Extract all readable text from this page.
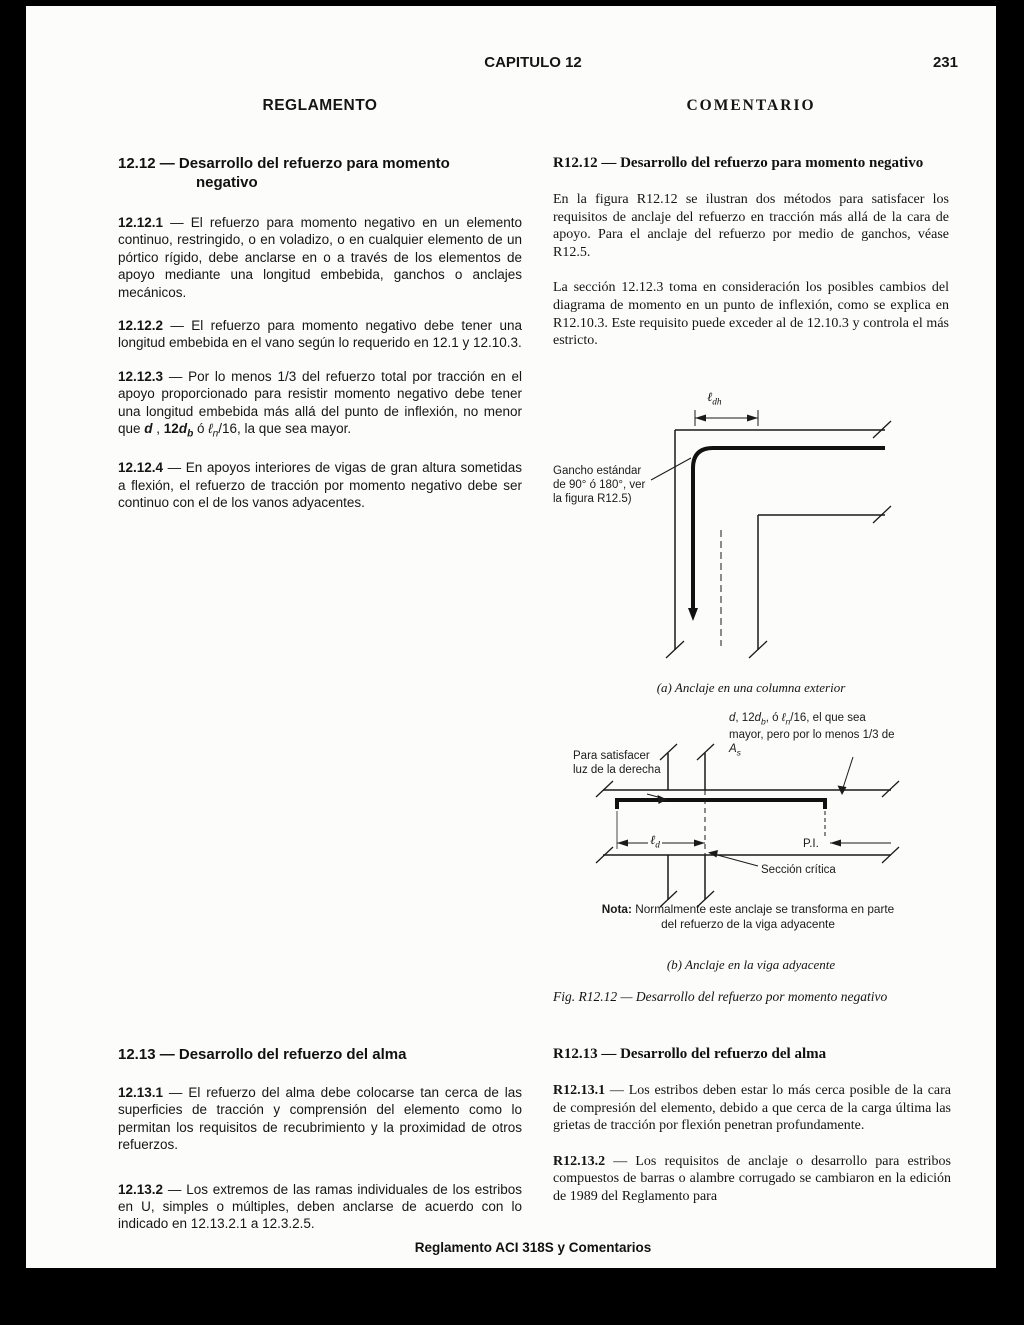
CAPITULO 12	231
REGLAMENTO	COMENTARIO
12.12 — Desarrollo del refuerzo para momento negativo

12.12.1 — El refuerzo para momento negativo en un elemento continuo, restringido, o en voladizo, o en cualquier elemento de un pórtico rígido, debe anclarse en o a través de los elementos de apoyo mediante una longitud embebida, ganchos o anclajes mecánicos.

12.12.2 — El refuerzo para momento negativo debe tener una longitud embebida en el vano según lo requerido en 12.1 y 12.10.3.

12.12.3 — Por lo menos 1/3 del refuerzo total por tracción en el apoyo proporcionado para resistir momento negativo debe tener una longitud embebida más allá del punto de inflexión, no menor que d , $12d_b$ ó ℓ$_n$/16, la que sea mayor.

12.12.4 — En apoyos interiores de vigas de gran altura sometidas a flexión, el refuerzo de tracción por momento negativo debe ser continuo con el de los vanos adyacentes.

R12.12 — Desarrollo del refuerzo para momento negativo

En la figura R12.12 se ilustran dos métodos para satisfacer los requisitos de anclaje del refuerzo en tracción más allá de la cara de apoyo. Para el anclaje del refuerzo por medio de ganchos, véase R12.5.

La sección 12.12.3 toma en consideración los posibles cambios del diagrama de momento en un punto de inflexión, como se explica en R12.10.3. Este requisito puede exceder al de 12.10.3 y controla el más estricto.

ℓ$_{dh}$
Gancho estándar de 90° ó 180°, ver la figura R12.5)
(a) Anclaje en una columna exterior
Para satisfacer luz de la derecha
d, $12d_b$, ó ℓ$_n$/16, el que sea mayor, pero por lo menos 1/3 de $A_s$
ℓ$_d$	P.I.
Sección crítica
Nota: Normalmente este anclaje se transforma en parte del refuerzo de la viga adyacente
(b) Anclaje en la viga adyacente
Fig. R12.12 — Desarrollo del refuerzo por momento negativo
12.13 — Desarrollo del refuerzo del alma

12.13.1 — El refuerzo del alma debe colocarse tan cerca de las superficies de tracción y comprensión del elemento como lo permitan los requisitos de recubrimiento y la proximidad de otros refuerzos.

12.13.2 — Los extremos de las ramas individuales de los estribos en U, simples o múltiples, deben anclarse de acuerdo con lo indicado en 12.13.2.1 a 12.3.2.5.

R12.13 — Desarrollo del refuerzo del alma

R12.13.1 — Los estribos deben estar lo más cerca posible de la cara de compresión del elemento, debido a que cerca de la carga última las grietas de tracción por flexión penetran profundamente.

R12.13.2 — Los requisitos de anclaje o desarrollo para estribos compuestos de barras o alambre corrugado se cambiaron en la edición de 1989 del Reglamento para

Reglamento ACI 318S y Comentarios
